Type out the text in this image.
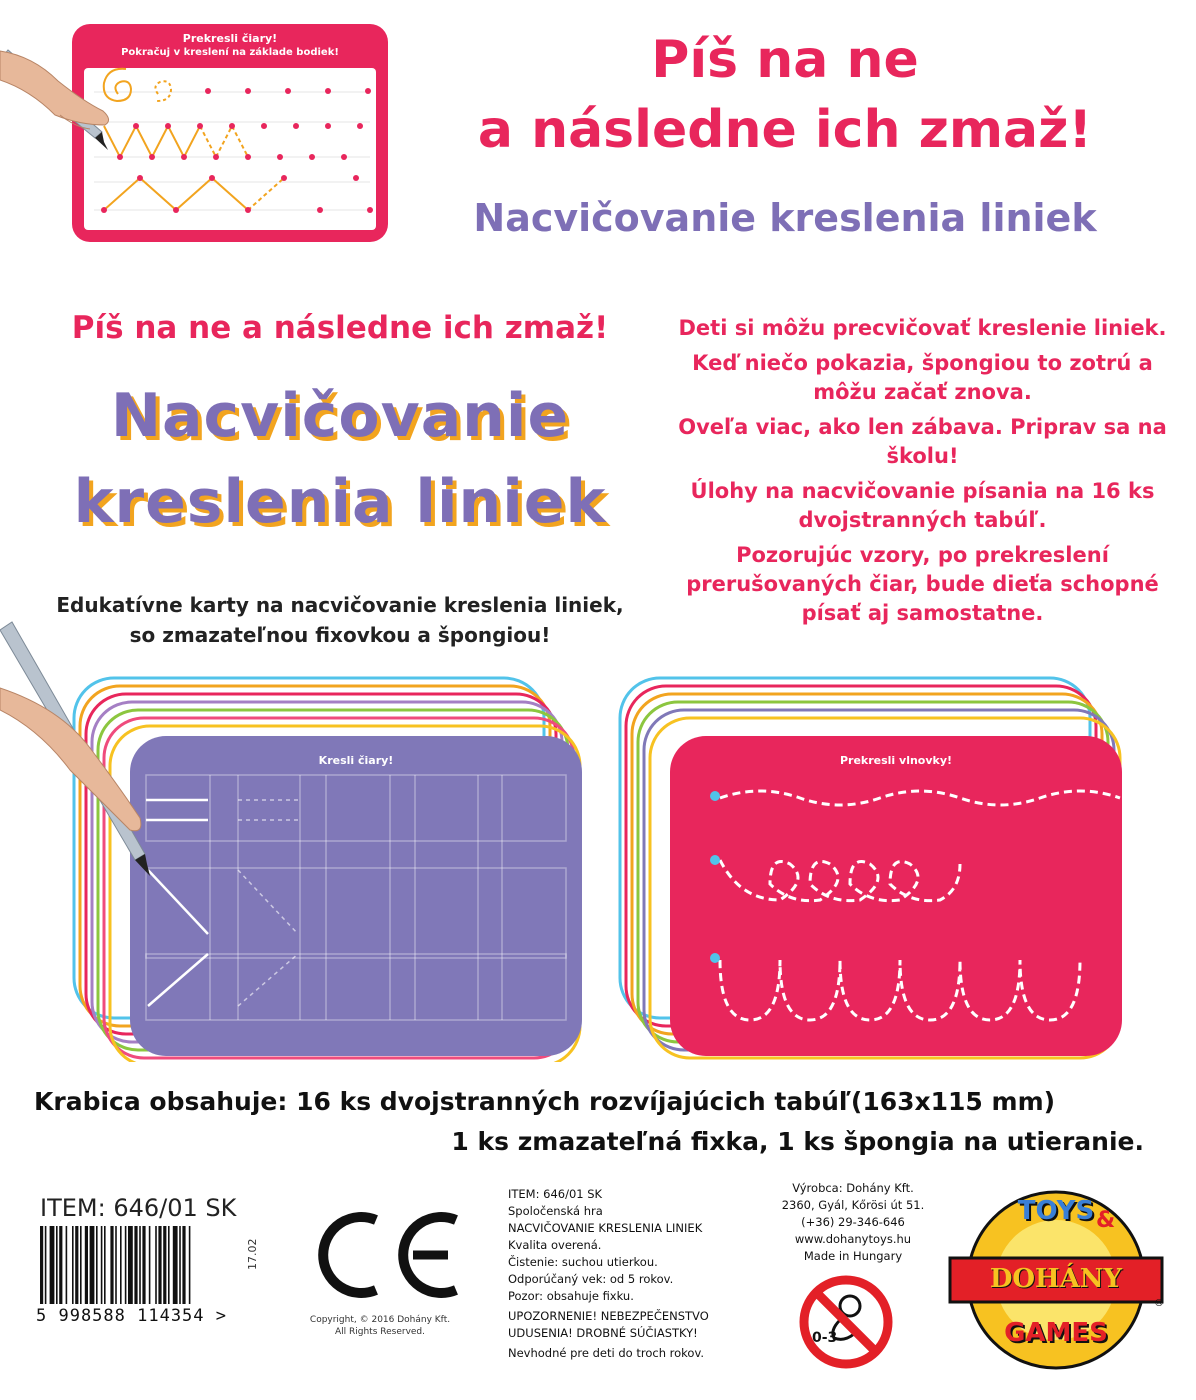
Prekresli čiary!
Pokračuj v kreslení na základe bodiek!	Píš na ne
a následne ich zmaž!
Nacvičovanie kreslenia liniek
Píš na ne a následne ich zmaž!
Nacvičovanie
kreslenia liniek
Edukatívne karty na nacvičovanie kreslenia liniek,
so zmazateľnou fixovkou a špongiou!

Deti si môžu precvičovať kreslenie liniek.

Keď niečo pokazia, špongiou to zotrú a môžu začať znova.

Oveľa viac, ako len zábava. Priprav sa na školu!

Úlohy na nacvičovanie písania na 16 ks dvojstranných tabúľ.

Pozorujúc vzory, po prekreslení prerušovaných čiar, bude dieťa schopné písať aj samostatne.

Kresli čiary!	Prekresli vlnovky!
Krabica obsahuje: 16 ks dvojstranných rozvíjajúcich tabúľ(163x115 mm)
1 ks zmazateľná fixka, 1 ks špongia na utieranie.
ITEM: 646/01 SK
5 998588 114354 >
17.02
Copyright, © 2016 Dohány Kft.
All Rights Reserved.
ITEM: 646/01 SK
Spoločenská hra
NACVIČOVANIE KRESLENIA LINIEK
Kvalita overená.
Čistenie: suchou utierkou.
Odporúčaný vek: od 5 rokov.
Pozor: obsahuje fixku.
UPOZORNENIE! NEBEZPEČENSTVO
UDUSENIA! DROBNÉ SÚČIASTKY!
Nevhodné pre deti do troch rokov.
Výrobca: Dohány Kft.
2360, Gyál, Kőrösi út 51.
(+36) 29-346-646
www.dohanytoys.hu
Made in Hungary
0-3
TOYS &
DOHÁNY
GAMES
®
